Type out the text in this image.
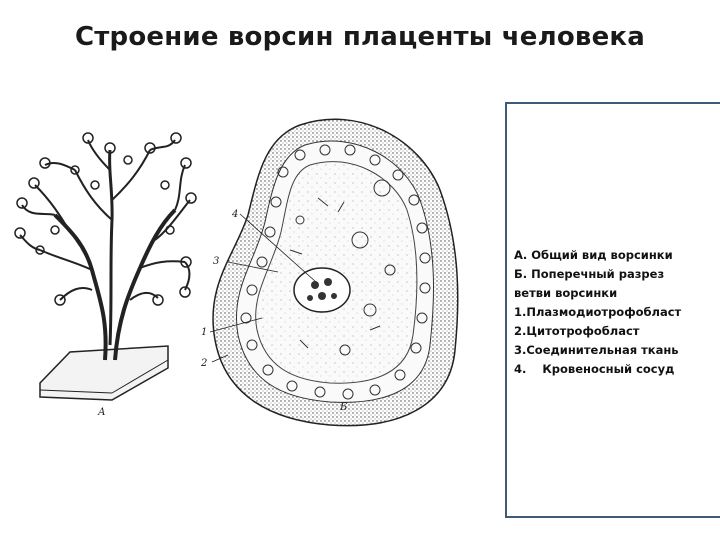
Строение ворсин плаценты человека
4
3
1
2
А	Б
А. Общий вид ворсинки
Б. Поперечный разрез
ветви ворсинки
1.Плазмодиотрофобласт
2.Цитотрофобласт
3.Соединительная ткань
4.    Кровеносный сосуд
